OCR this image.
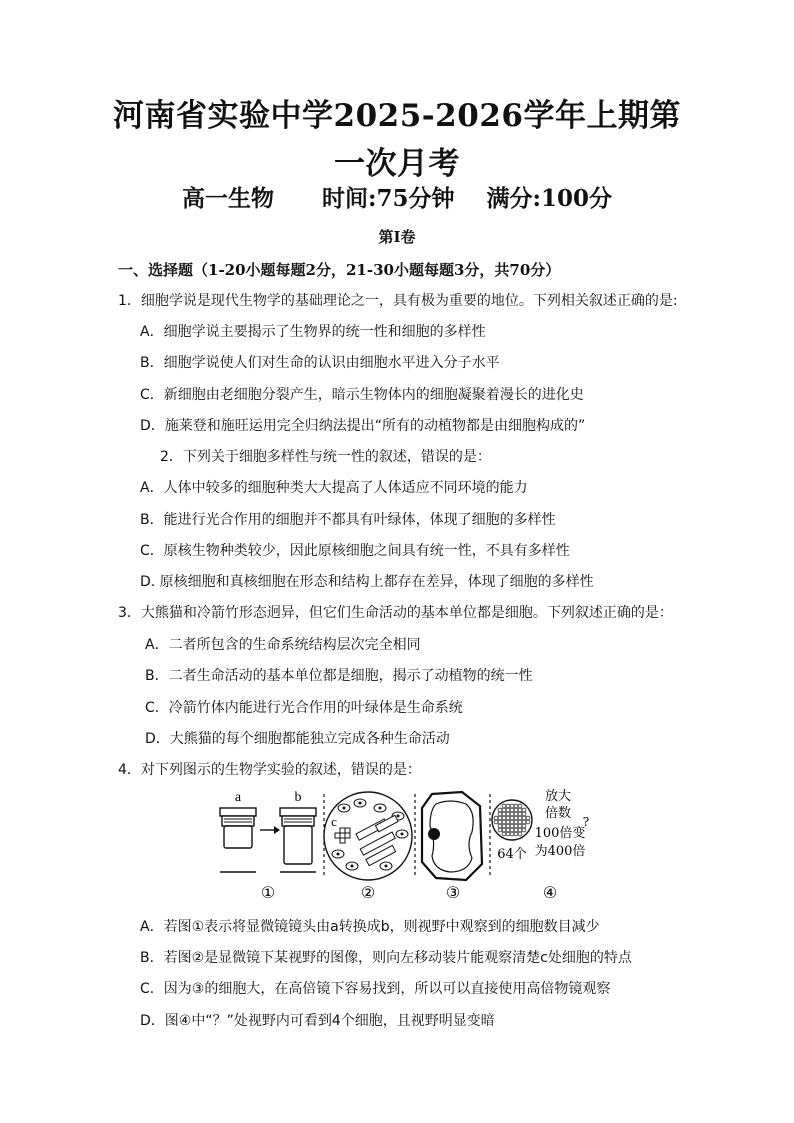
河南省实验中学2025-2026学年上期第一次月考
高一生物      时间:75分钟    满分:100分
第Ⅰ卷
一、选择题（1-20小题每题2分，21-30小题每题3分，共70分）
1．细胞学说是现代生物学的基础理论之一，具有极为重要的地位。下列相关叙述正确的是:
A．细胞学说主要揭示了生物界的统一性和细胞的多样性
B．细胞学说使人们对生命的认识由细胞水平进入分子水平
C．新细胞由老细胞分裂产生，暗示生物体内的细胞凝聚着漫长的进化史
D．施莱登和施旺运用完全归纳法提出“所有的动植物都是由细胞构成的”
2．下列关于细胞多样性与统一性的叙述，错误的是：
A．人体中较多的细胞种类大大提高了人体适应不同环境的能力
B．能进行光合作用的细胞并不都具有叶绿体，体现了细胞的多样性
C．原核生物种类较少，因此原核细胞之间具有统一性，不具有多样性
D. 原核细胞和真核细胞在形态和结构上都存在差异，体现了细胞的多样性
3．大熊猫和冷箭竹形态迥异，但它们生命活动的基本单位都是细胞。下列叙述正确的是：
A．二者所包含的生命系统结构层次完全相同
B．二者生命活动的基本单位都是细胞，揭示了动植物的统一性
C．冷箭竹体内能进行光合作用的叶绿体是生命系统
D．大熊猫的每个细胞都能独立完成各种生命活动
4．对下列图示的生物学实验的叙述，错误的是：
a	b
①
c
②	③
放大
倍数
100倍变
?
为400倍
64个
④
A．若图①表示将显微镜镜头由a转换成b，则视野中观察到的细胞数目减少
B．若图②是显微镜下某视野的图像，则向左移动装片能观察清楚c处细胞的特点
C．因为③的细胞大，在高倍镜下容易找到，所以可以直接使用高倍物镜观察
D．图④中“？”处视野内可看到4个细胞，且视野明显变暗
